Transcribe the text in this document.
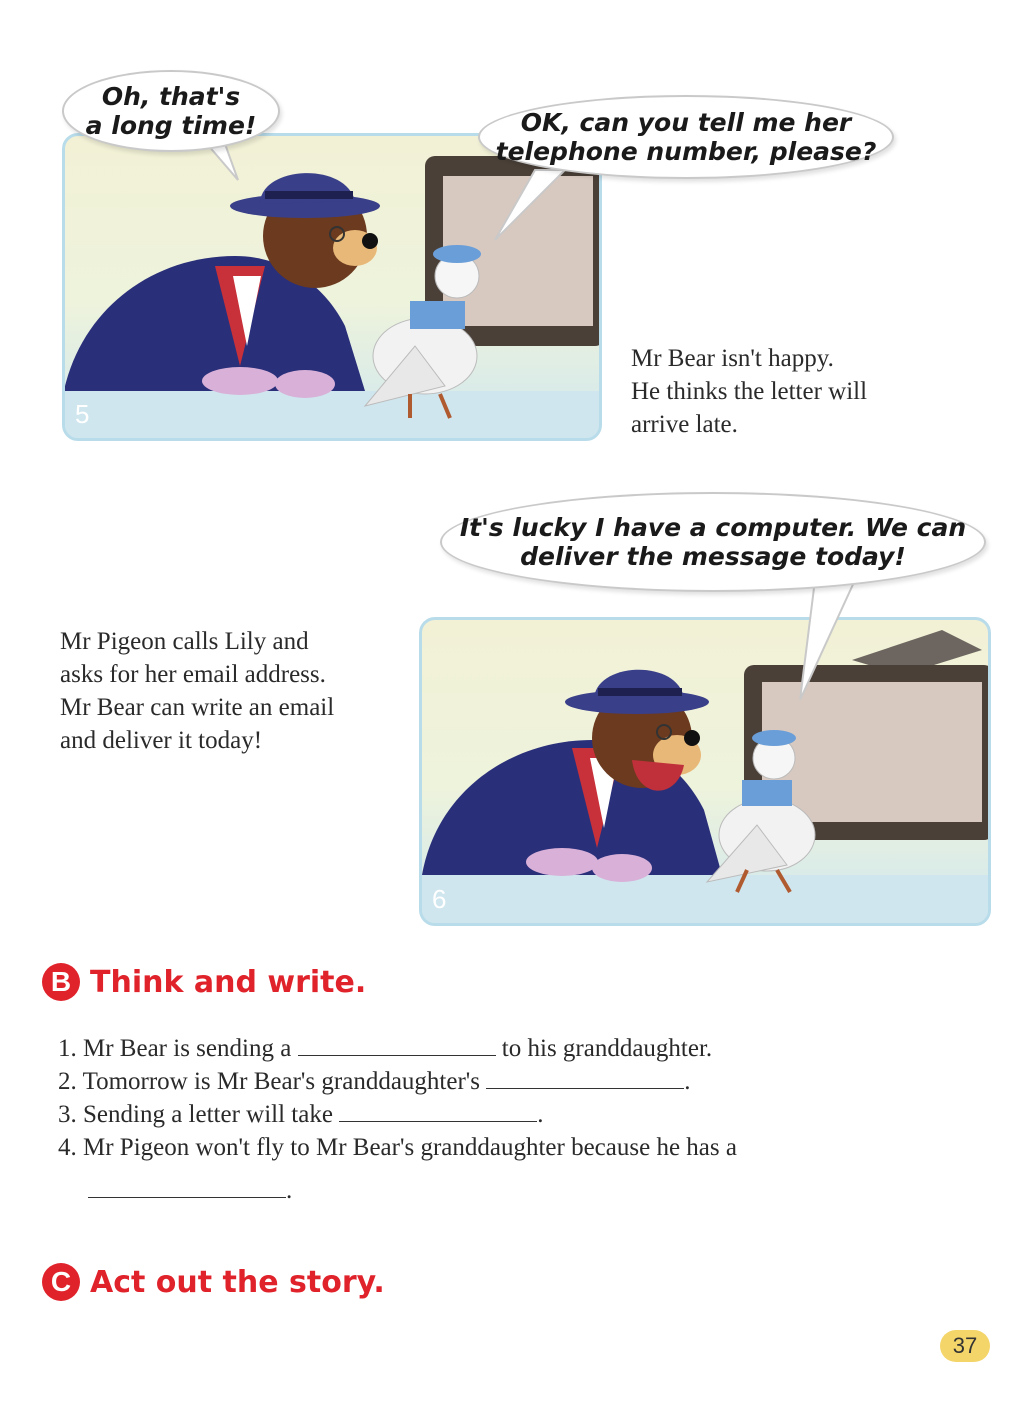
5
Oh, that's
a long time!	OK, can you tell me her
telephone number, please?
Mr Bear isn't happy.
He thinks the letter will
arrive late.
6
It's lucky I have a computer. We can
deliver the message today!
Mr Pigeon calls Lily and
asks for her email address.
Mr Bear can write an email
and deliver it today!
B Think and write.
1. Mr Bear is sending a	to his granddaughter.
2. Tomorrow is Mr Bear's granddaughter's	.
3. Sending a letter will take	.
4. Mr Pigeon won't fly to Mr Bear's granddaughter because he has a
.
C Act out the story.
37
